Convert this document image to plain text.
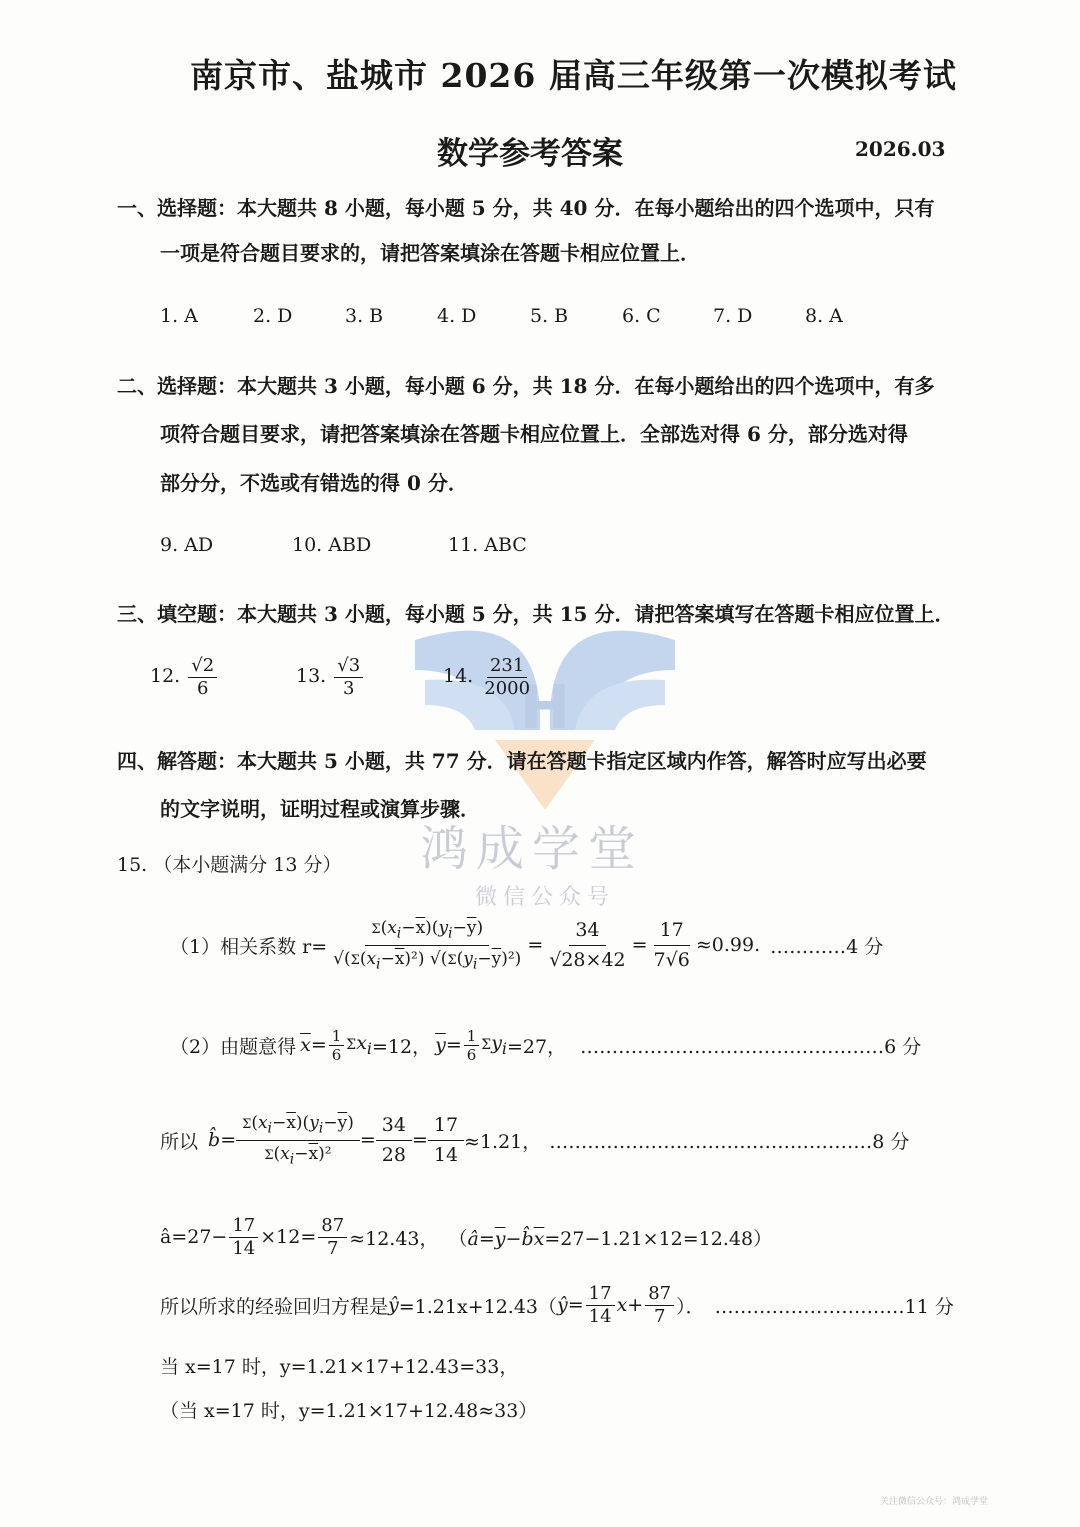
H
鸿成学堂
微信公众号
南京市、盐城市 2026 届高三年级第一次模拟考试
数学参考答案	2026.03
一、选择题：本大题共 8 小题，每小题 5 分，共 40 分．在每小题给出的四个选项中，只有
一项是符合题目要求的，请把答案填涂在答题卡相应位置上．
1. A	2. D	3. B	4. D	5. B	6. C	7. D	8. A
二、选择题：本大题共 3 小题，每小题 6 分，共 18 分．在每小题给出的四个选项中，有多
项符合题目要求，请把答案填涂在答题卡相应位置上．全部选对得 6 分，部分选对得
部分分，不选或有错选的得 0 分．
9. AD	10. ABD	11. ABC
三、填空题：本大题共 3 小题，每小题 5 分，共 15 分．请把答案填写在答题卡相应位置上．
12. $\frac{√2}{6}$	13. $\frac{√3}{3}$	14. $\frac{231}{2000}$
四、解答题：本大题共 5 小题，共 77 分．请在答题卡指定区域内作答，解答时应写出必要
的文字说明，证明过程或演算步骤．
15. （本小题满分 13 分）
（1）相关系数 $r= \frac{\Sigma(x_i-\overline{x})(y_i-\overline{y})}{√(\Sigma(x_i-\overline{x})^2) √(\Sigma(y_i-\overline{y})^2)} = \frac{34}{√28\times 42} = \frac{17}{7√6} \approx 0.99$. …………4 分
（2）由题意得 $\overline{x} = \frac{1}{6}$ Σ $x_i =12$， $\overline{y} = \frac{1}{6}$ Σ $y_i =27$， …………………………………………6 分
所以 b̂ = $\frac{\Sigma(x_i-\overline{x})(y_i-\overline{y})}{\Sigma(x_i-\overline{x})^2} = \frac{34}{28} = \frac{17}{14} \approx 1.21$， ……………………………………………8 分
â=27− $\frac{17}{14} \times 12= \frac{87}{7} \approx 12.43$， $(â=\overline{y}-b̂\overline{x} =27-1.21\times 12=12.48)$
所以所求的经验回归方程是 ŷ =1.21x+12.43（ ŷ = $\frac{17}{14}$ $x + \frac{87}{7}$ ）． …………………………11 分
当 x=17 时，y=1.21×17+12.43=33，
（当 x=17 时，y=1.21×17+12.48≈33）
关注微信公众号：鸿成学堂
